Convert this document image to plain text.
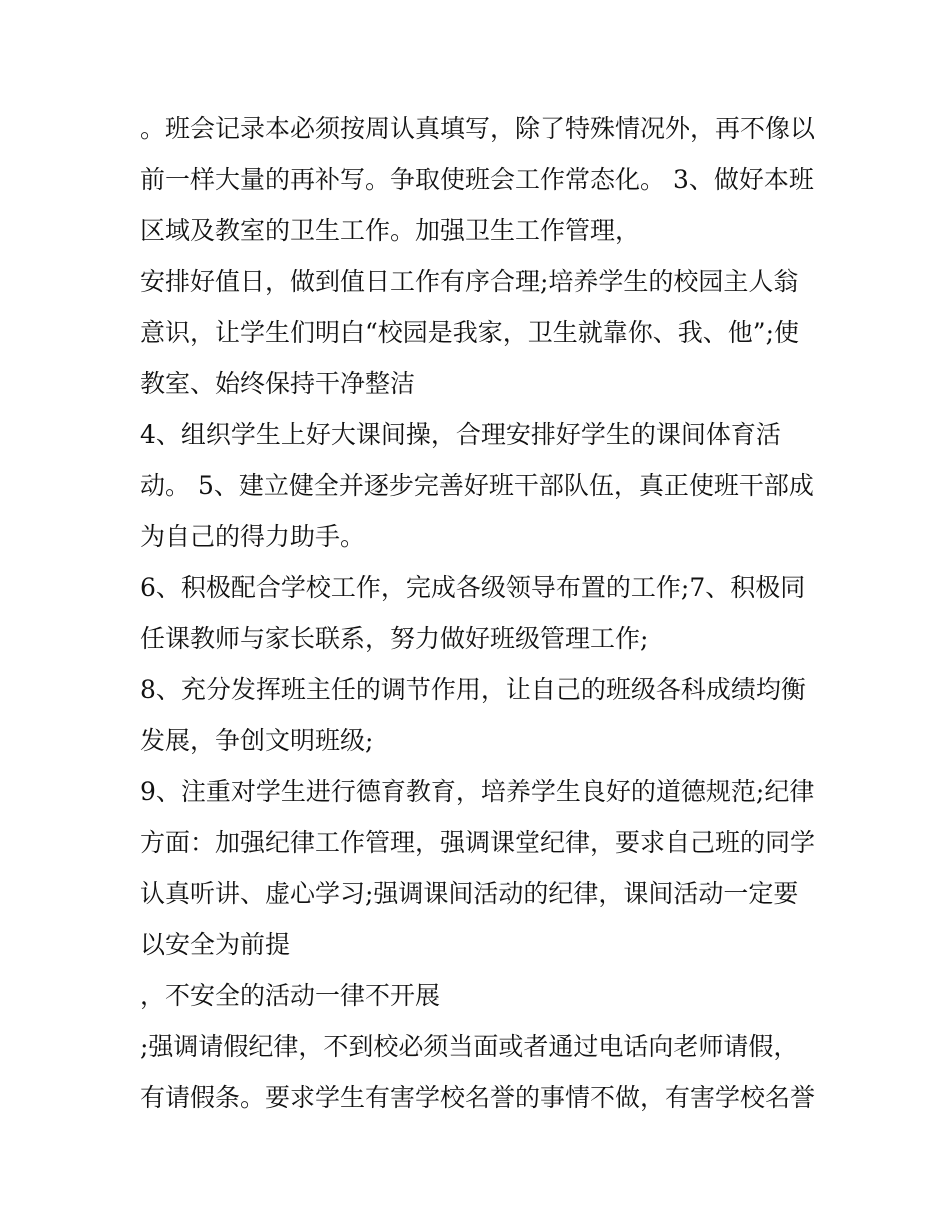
。班会记录本必须按周认真填写，除了特殊情况外，再不像以
前一样大量的再补写。争取使班会工作常态化。 3、做好本班
区域及教室的卫生工作。加强卫生工作管理，
安排好值日，做到值日工作有序合理;培养学生的校园主人翁
意识，让学生们明白“校园是我家，卫生就靠你、我、他”;使
教室、始终保持干净整洁
4、组织学生上好大课间操，合理安排好学生的课间体育活
动。 5、建立健全并逐步完善好班干部队伍，真正使班干部成
为自己的得力助手。
6、积极配合学校工作，完成各级领导布置的工作;7、积极同
任课教师与家长联系，努力做好班级管理工作;
8、充分发挥班主任的调节作用，让自己的班级各科成绩均衡
发展，争创文明班级;
9、注重对学生进行德育教育，培养学生良好的道德规范;纪律
方面：加强纪律工作管理，强调课堂纪律，要求自己班的同学
认真听讲、虚心学习;强调课间活动的纪律，课间活动一定要
以安全为前提
，不安全的活动一律不开展
;强调请假纪律，不到校必须当面或者通过电话向老师请假，
有请假条。要求学生有害学校名誉的事情不做，有害学校名誉
